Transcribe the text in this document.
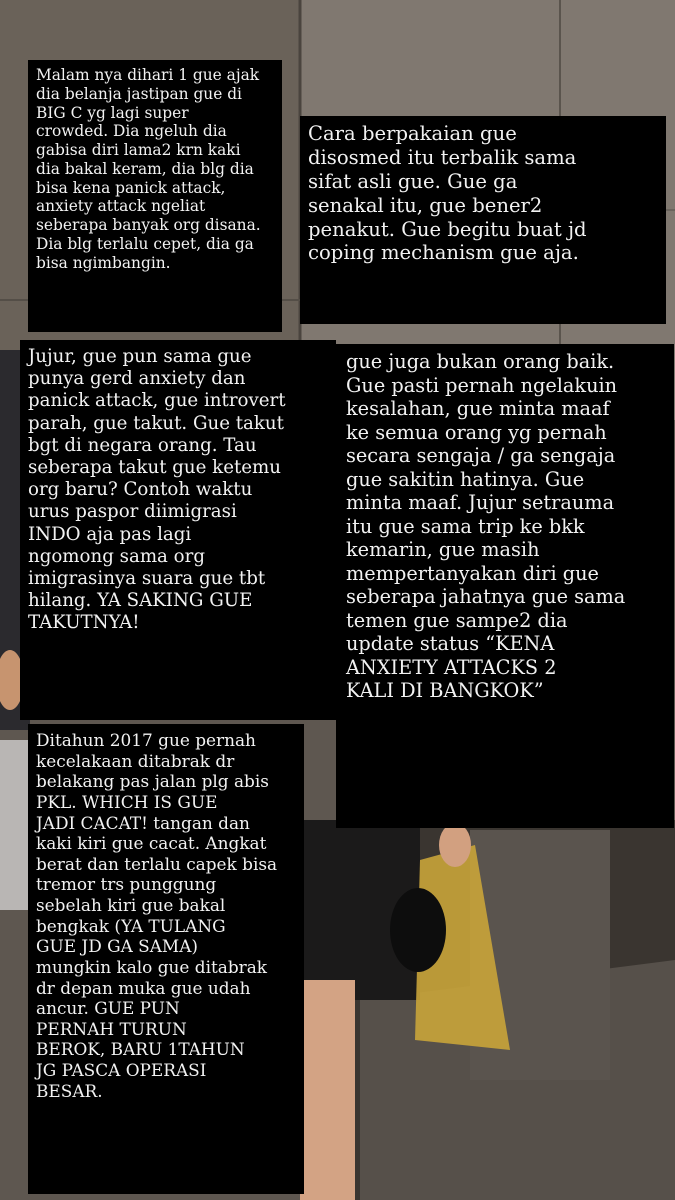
Malam nya dihari 1 gue ajak
dia belanja jastipan gue di
BIG C yg lagi super
crowded. Dia ngeluh dia
gabisa diri lama2 krn kaki
dia bakal keram, dia blg dia
bisa kena panick attack,
anxiety attack ngeliat
seberapa banyak org disana.
Dia blg terlalu cepet, dia ga
bisa ngimbangin.
Cara berpakaian gue
disosmed itu terbalik sama
sifat asli gue. Gue ga
senakal itu, gue bener2
penakut. Gue begitu buat jd
coping mechanism gue aja.
Jujur, gue pun sama gue
punya gerd anxiety dan
panick attack, gue introvert
parah, gue takut. Gue takut
bgt di negara orang. Tau
seberapa takut gue ketemu
org baru? Contoh waktu
urus paspor diimigrasi
INDO aja pas lagi
ngomong sama org
imigrasinya suara gue tbt
hilang. YA SAKING GUE
TAKUTNYA!
gue juga bukan orang baik.
Gue pasti pernah ngelakuin
kesalahan, gue minta maaf
ke semua orang yg pernah
secara sengaja / ga sengaja
gue sakitin hatinya. Gue
minta maaf. Jujur setrauma
itu gue sama trip ke bkk
kemarin, gue masih
mempertanyakan diri gue
seberapa jahatnya gue sama
temen gue sampe2 dia
update status “KENA
ANXIETY ATTACKS 2
KALI DI BANGKOK”
Ditahun 2017 gue pernah
kecelakaan ditabrak dr
belakang pas jalan plg abis
PKL. WHICH IS GUE
JADI CACAT! tangan dan
kaki kiri gue cacat. Angkat
berat dan terlalu capek bisa
tremor trs punggung
sebelah kiri gue bakal
bengkak (YA TULANG
GUE JD GA SAMA)
mungkin kalo gue ditabrak
dr depan muka gue udah
ancur. GUE PUN
PERNAH TURUN
BEROK, BARU 1TAHUN
JG PASCA OPERASI
BESAR.
